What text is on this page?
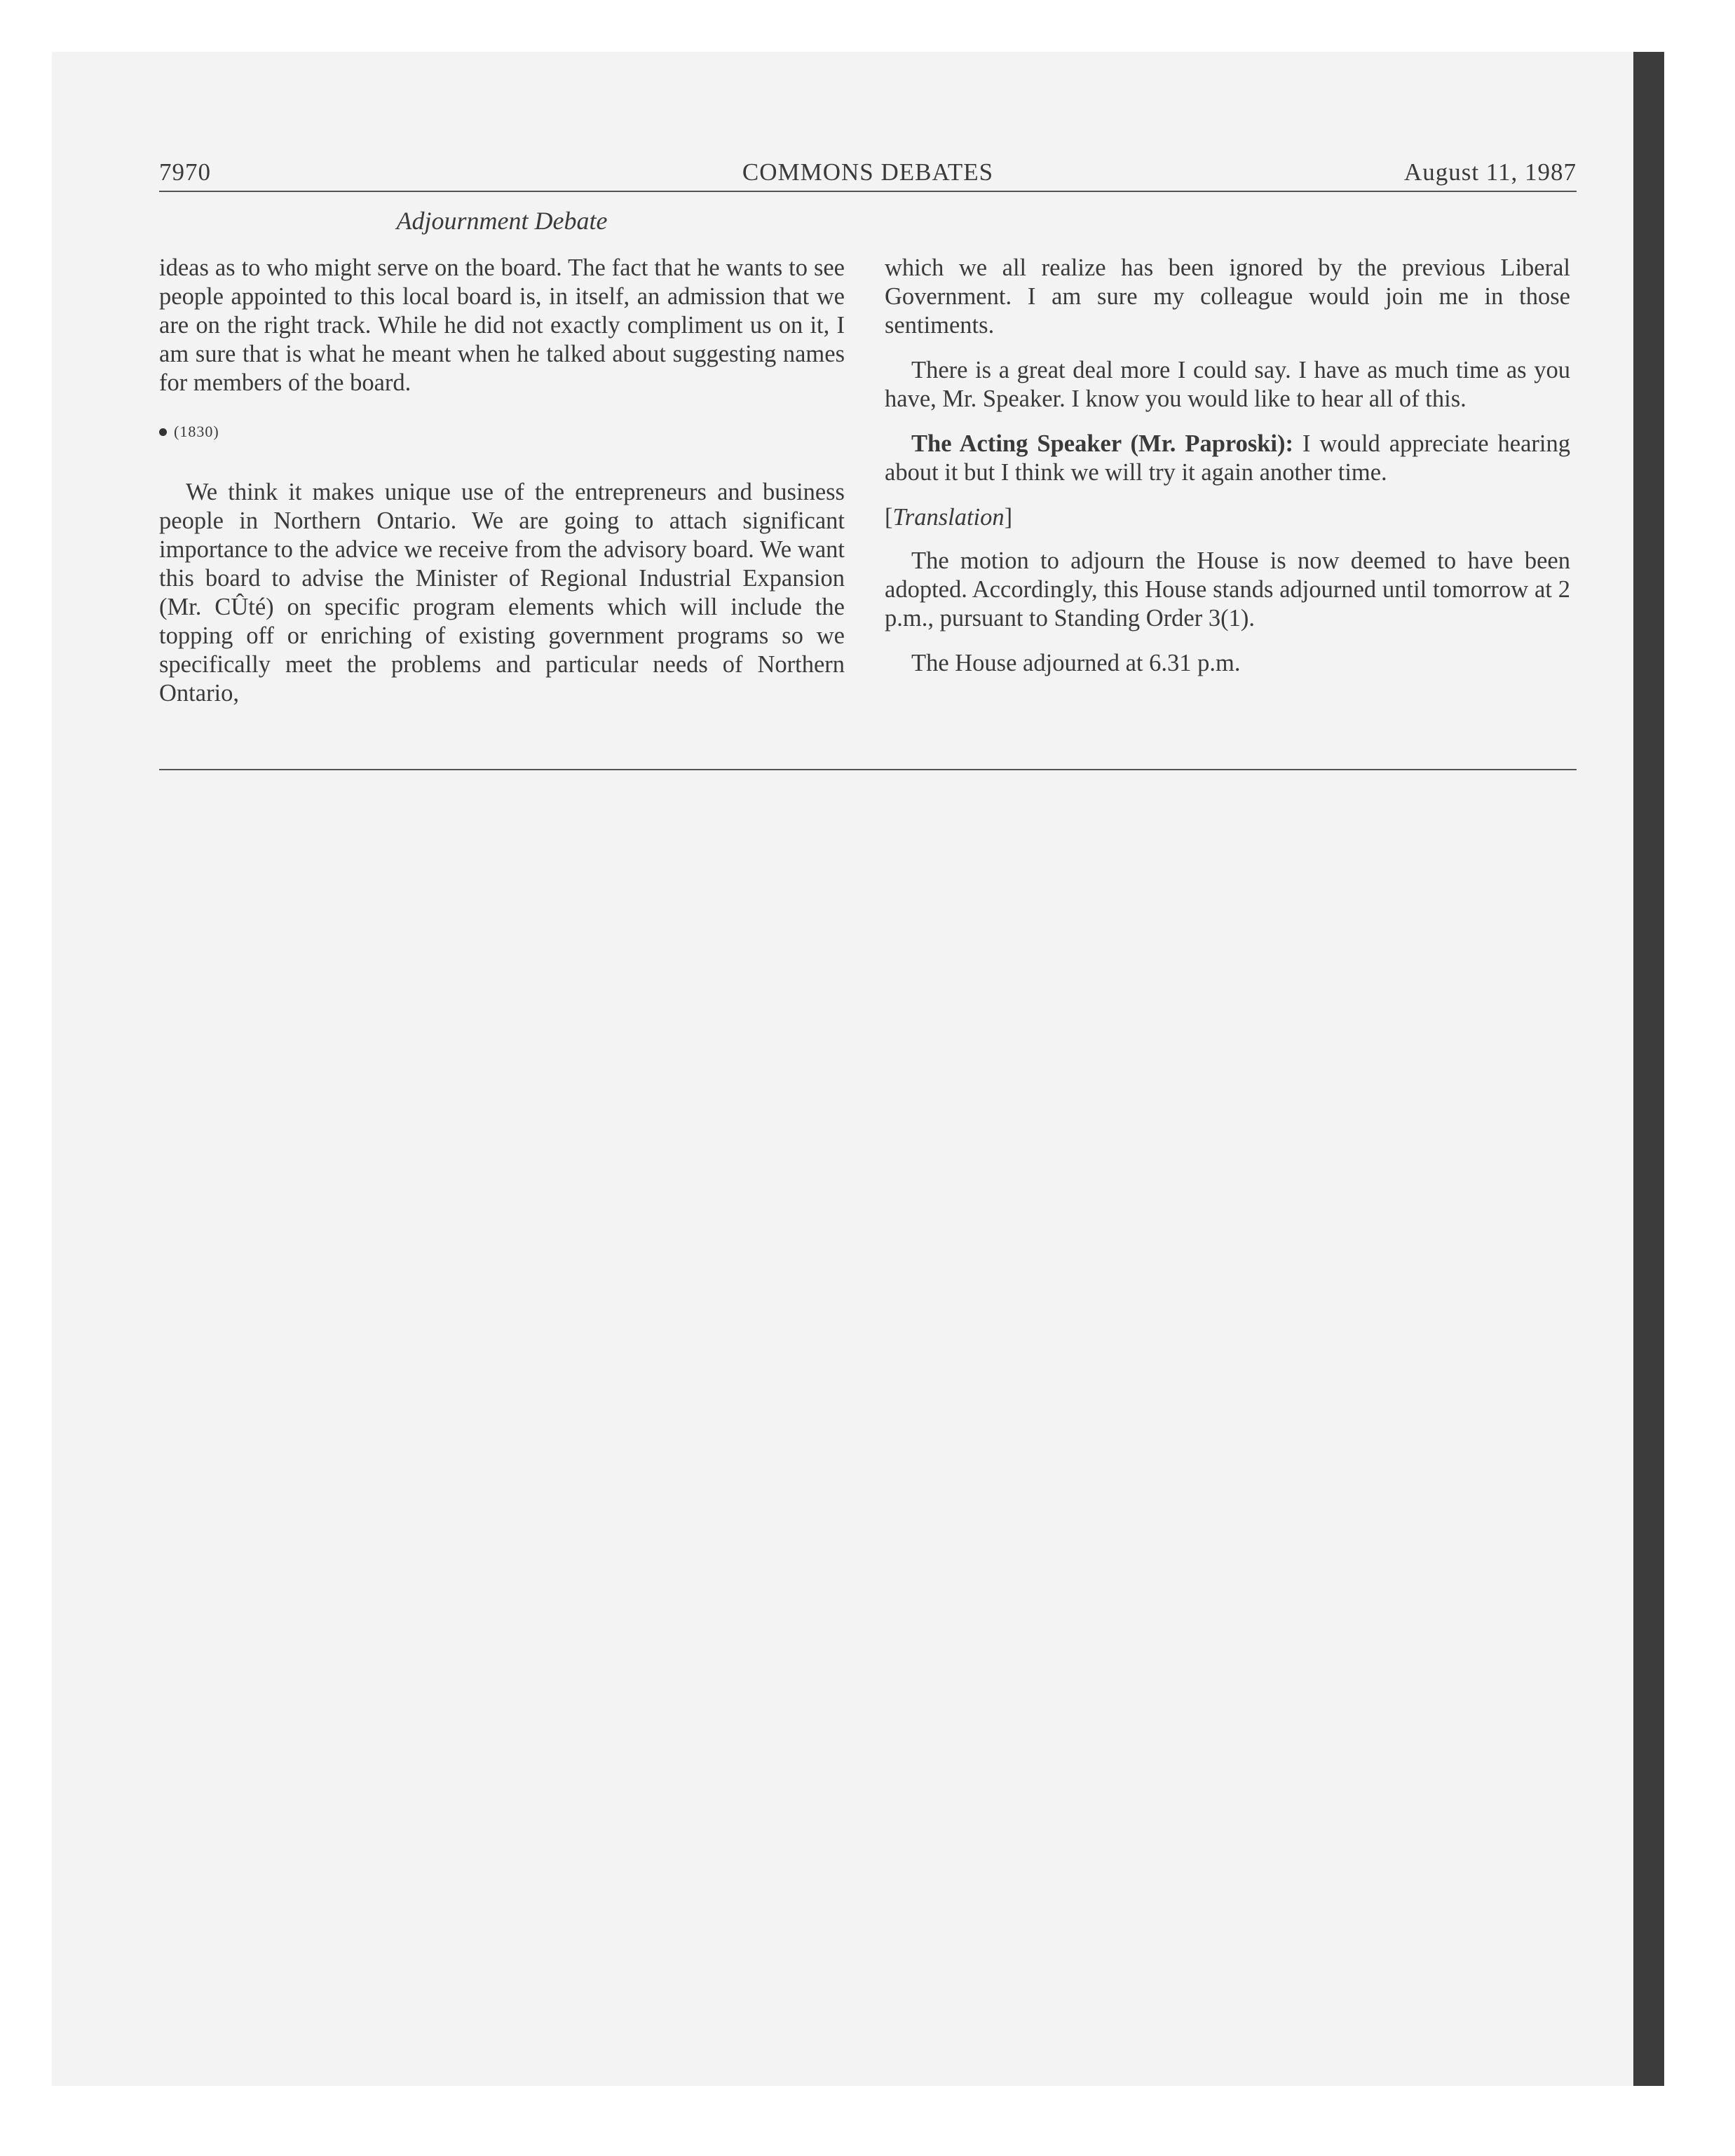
7970	COMMONS DEBATES	August 11, 1987
Adjournment Debate

ideas as to who might serve on the board. The fact that he wants to see people appointed to this local board is, in itself, an admission that we are on the right track. While he did not exactly compliment us on it, I am sure that is what he meant when he talked about suggesting names for members of the board.

(1830)

We think it makes unique use of the entrepreneurs and business people in Northern Ontario. We are going to attach significant importance to the advice we receive from the advisory board. We want this board to advise the Minister of Regional Industrial Expansion (Mr. CÛté) on specific program elements which will include the topping off or enriching of existing government programs so we specifically meet the problems and particular needs of Northern Ontario,

which we all realize has been ignored by the previous Liberal Government. I am sure my colleague would join me in those sentiments.

There is a great deal more I could say. I have as much time as you have, Mr. Speaker. I know you would like to hear all of this.

The Acting Speaker (Mr. Paproski): I would appreciate hearing about it but I think we will try it again another time.

[Translation]

The motion to adjourn the House is now deemed to have been adopted. Accordingly, this House stands adjourned until tomorrow at 2 p.m., pursuant to Standing Order 3(1).

The House adjourned at 6.31 p.m.
